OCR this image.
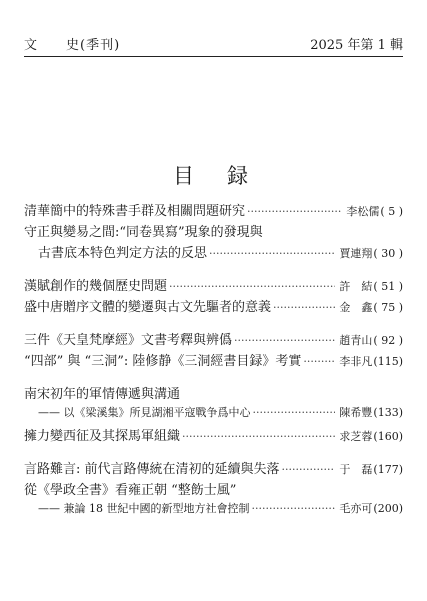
文　　史(季刊)	2025 年第 1 輯
目　録
清華簡中的特殊書手群及相關問題研究 ·····	李松儒 ( 5 )
守正與變易之間:“同卷異寫”現象的發現與
古書底本特色判定方法的反思 ·····	賈連翔 ( 30 )
漢賦創作的幾個歷史問題 ·····	許　結 ( 51 )
盛中唐贈序文體的變遷與古文先驅者的意義 ·····	金　鑫 ( 75 )
三件《天皇梵摩經》文書考釋與辨僞 ·····	趙青山 ( 92 )
“四部” 與 “三洞”: 陸修静《三洞經書目録》考實 ·····	李非凡 (115)
南宋初年的軍情傳遞與溝通
—— 以《梁溪集》所見湖湘平寇戰争爲中心 ·····	陳希豐 (133)
擁力變西征及其探馬軍組織 ·····	求芝蓉 (160)
言路難言: 前代言路傳統在清初的延續與失落 ·····	于　磊 (177)
從《學政全書》看雍正朝 “整飭士風”
—— 兼論 18 世紀中國的新型地方社會控制 ·····	毛亦可 (200)
